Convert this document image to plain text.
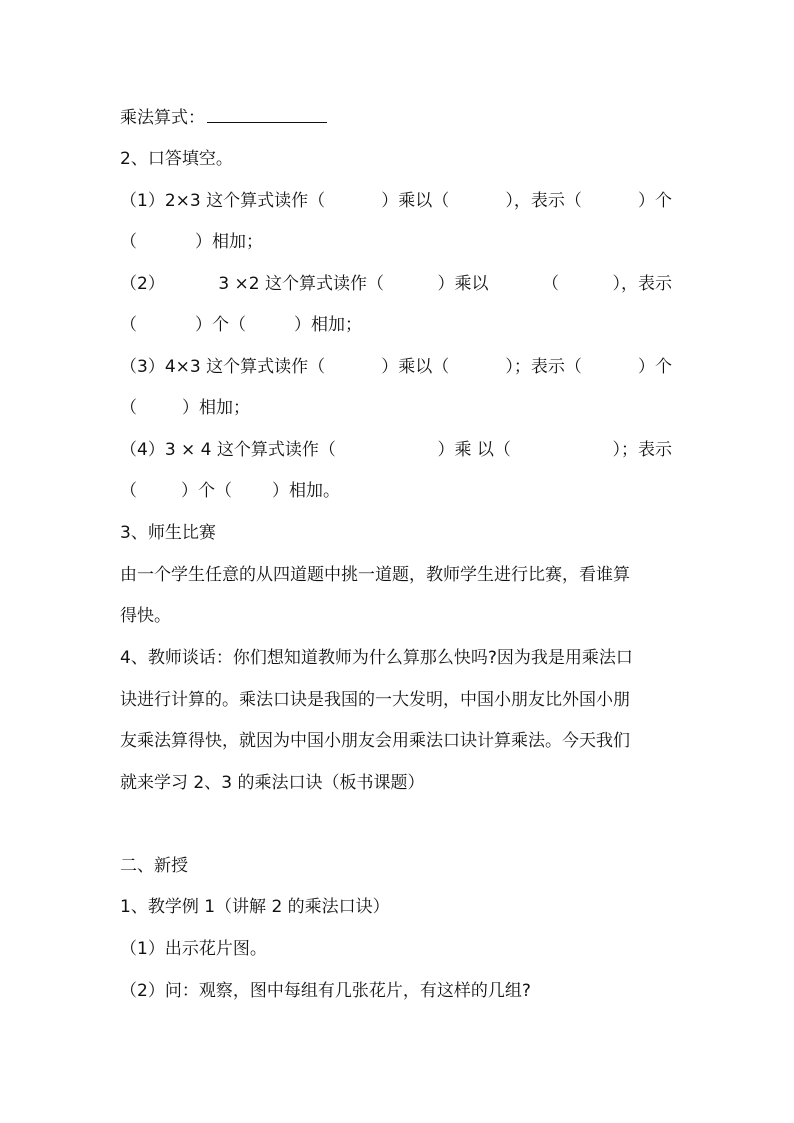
乘法算式：
2、口答填空。
（1）2×3 这个算式读作（	）乘以（	），表示（	）个
（	）相加；
（2）	3 ×2 这个算式读作（	）乘以	（	），表示
（	）个（	）相加；
（3）4×3 这个算式读作（	）乘以（	）；表示（	）个
（	）相加；
（4）3 × 4 这个算式读作（	）乘 以（	）；表示
（	）个（ ）相加。
3、师生比赛
由一个学生任意的从四道题中挑一道题，教师学生进行比赛，看谁算
得快。
4、教师谈话：你们想知道教师为什么算那么快吗?因为我是用乘法口
诀进行计算的。乘法口诀是我国的一大发明，中国小朋友比外国小朋
友乘法算得快，就因为中国小朋友会用乘法口诀计算乘法。今天我们
就来学习 2、3 的乘法口诀（板书课题）
二、新授
1、教学例 1（讲解 2 的乘法口诀）
（1）出示花片图。
（2）问：观察，图中每组有几张花片，有这样的几组?
